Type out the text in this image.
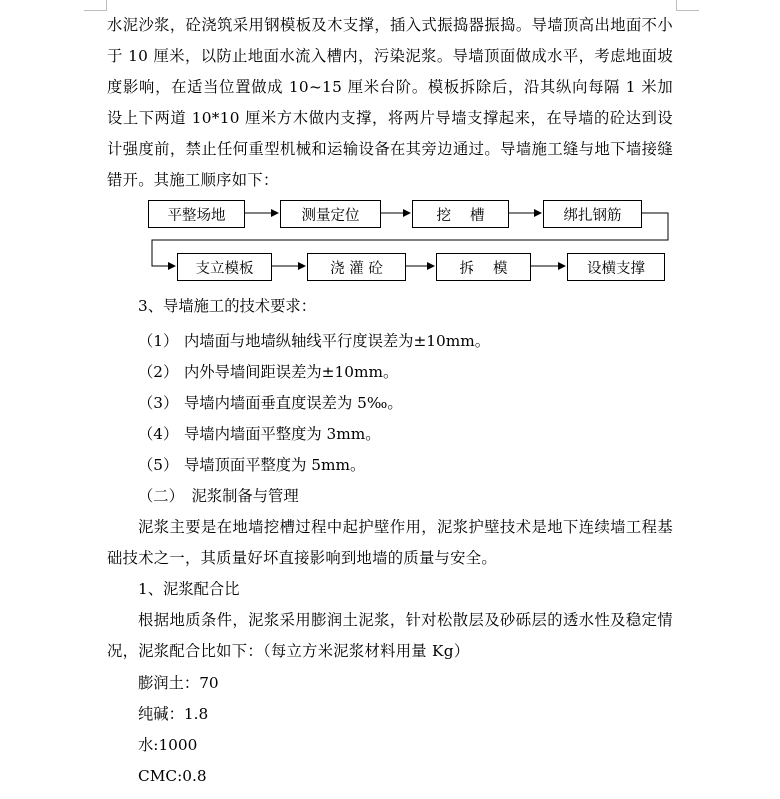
水泥沙浆，砼浇筑采用钢模板及木支撑，插入式振捣器振捣。导墙顶高出地面不小于 10 厘米，以防止地面水流入槽内，污染泥浆。导墙顶面做成水平，考虑地面坡度影响，在适当位置做成 10~15 厘米台阶。模板拆除后，沿其纵向每隔 1 米加设上下两道 10*10 厘米方木做内支撑，将两片导墙支撑起来，在导墙的砼达到设计强度前，禁止任何重型机械和运输设备在其旁边通过。导墙施工缝与地下墙接缝错开。其施工顺序如下：

平整场地	测量定位	挖　 槽	绑扎钢筋
支立模板	浇 灌 砼	拆　 模	设横支撑

3、导墙施工的技术要求：

（1） 内墙面与地墙纵轴线平行度误差为±10mm。

（2） 内外导墙间距误差为±10mm。

（3） 导墙内墙面垂直度误差为 5‰。

（4） 导墙内墙面平整度为 3mm。

（5） 导墙顶面平整度为 5mm。

（二）　泥浆制备与管理

泥浆主要是在地墙挖槽过程中起护壁作用，泥浆护壁技术是地下连续墙工程基础技术之一，其质量好坏直接影响到地墙的质量与安全。

1、泥浆配合比

根据地质条件，泥浆采用膨润土泥浆，针对松散层及砂砾层的透水性及稳定情况，泥浆配合比如下：（每立方米泥浆材料用量 Kg）

膨润土：70

纯碱：1.8

水:1000

CMC:0.8
